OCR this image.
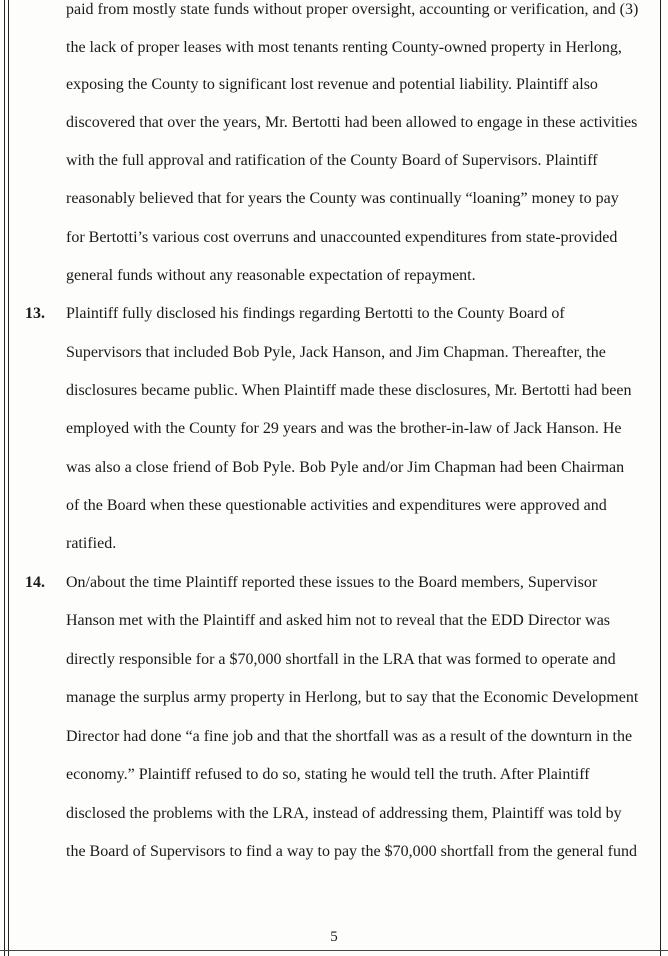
paid from mostly state funds without proper oversight, accounting or verification, and (3)
the lack of proper leases with most tenants renting County-owned property in Herlong,
exposing the County to significant lost revenue and potential liability. Plaintiff also
discovered that over the years, Mr. Bertotti had been allowed to engage in these activities
with the full approval and ratification of the County Board of Supervisors. Plaintiff
reasonably believed that for years the County was continually “loaning” money to pay
for Bertotti’s various cost overruns and unaccounted expenditures from state-provided
general funds without any reasonable expectation of repayment.
13. Plaintiff fully disclosed his findings regarding Bertotti to the County Board of
Supervisors that included Bob Pyle, Jack Hanson, and Jim Chapman. Thereafter, the
disclosures became public. When Plaintiff made these disclosures, Mr. Bertotti had been
employed with the County for 29 years and was the brother-in-law of Jack Hanson. He
was also a close friend of Bob Pyle. Bob Pyle and/or Jim Chapman had been Chairman
of the Board when these questionable activities and expenditures were approved and
ratified.
14. On/about the time Plaintiff reported these issues to the Board members, Supervisor
Hanson met with the Plaintiff and asked him not to reveal that the EDD Director was
directly responsible for a $70,000 shortfall in the LRA that was formed to operate and
manage the surplus army property in Herlong, but to say that the Economic Development
Director had done “a fine job and that the shortfall was as a result of the downturn in the
economy.” Plaintiff refused to do so, stating he would tell the truth. After Plaintiff
disclosed the problems with the LRA, instead of addressing them, Plaintiff was told by
the Board of Supervisors to find a way to pay the $70,000 shortfall from the general fund
5
